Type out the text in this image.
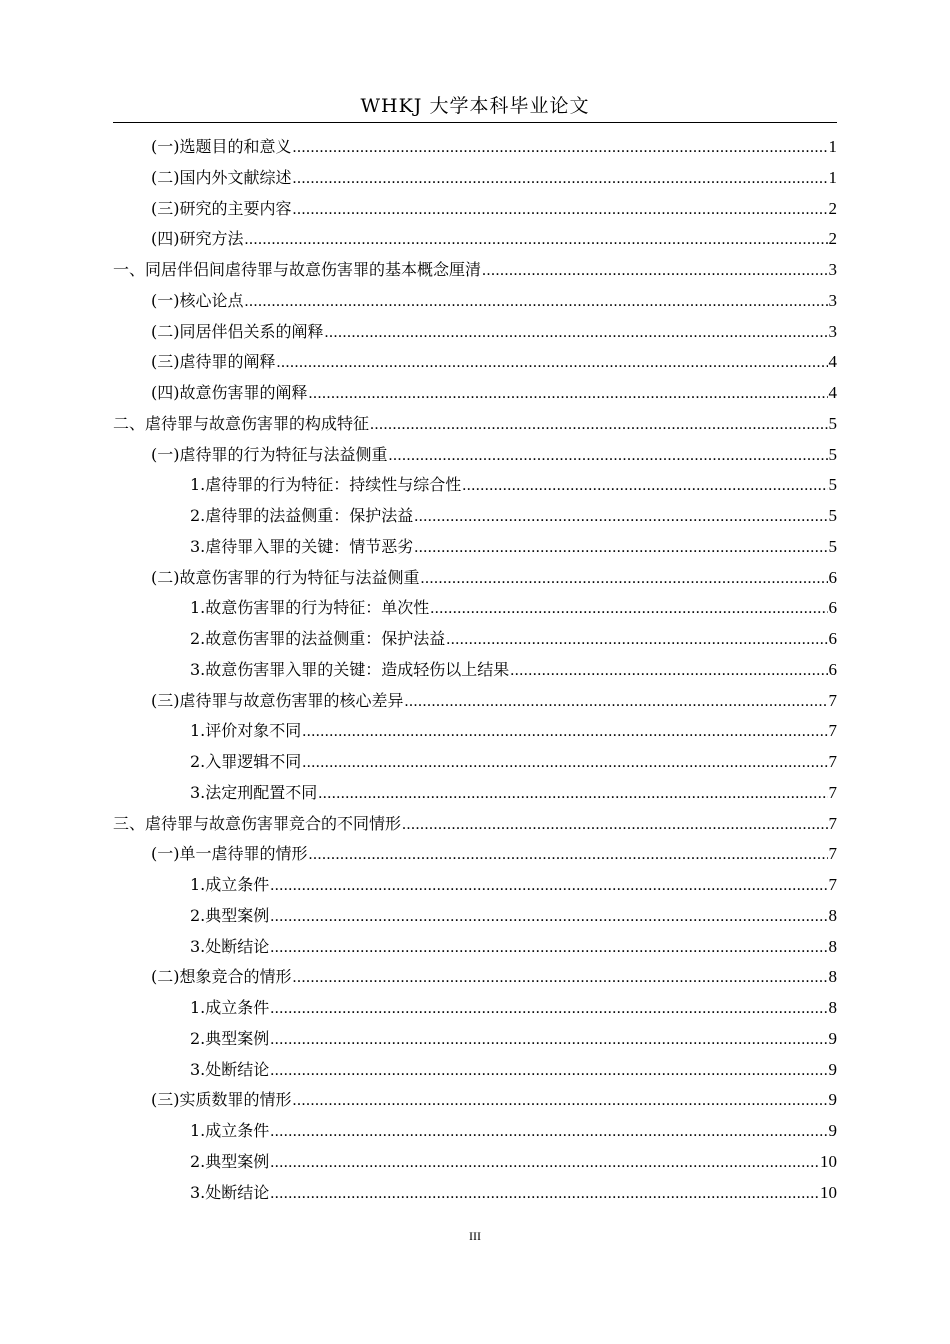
WHKJ 大学本科毕业论文
(一)选题目的和意义 .....	1
(二)国内外文献综述 .....	1
(三)研究的主要内容 .....	2
(四)研究方法 .....	2
一、同居伴侣间虐待罪与故意伤害罪的基本概念厘清 .....	3
(一)核心论点 .....	3
(二)同居伴侣关系的阐释 .....	3
(三)虐待罪的阐释 .....	4
(四)故意伤害罪的阐释 .....	4
二、虐待罪与故意伤害罪的构成特征 .....	5
(一)虐待罪的行为特征与法益侧重 .....	5
1.虐待罪的行为特征：持续性与综合性 .....	5
2.虐待罪的法益侧重：保护法益 .....	5
3.虐待罪入罪的关键：情节恶劣 .....	5
(二)故意伤害罪的行为特征与法益侧重 .....	6
1.故意伤害罪的行为特征：单次性 .....	6
2.故意伤害罪的法益侧重：保护法益 .....	6
3.故意伤害罪入罪的关键：造成轻伤以上结果 .....	6
(三)虐待罪与故意伤害罪的核心差异 .....	7
1.评价对象不同 .....	7
2.入罪逻辑不同 .....	7
3.法定刑配置不同 .....	7
三、虐待罪与故意伤害罪竞合的不同情形 .....	7
(一)单一虐待罪的情形 .....	7
1.成立条件 .....	7
2.典型案例 .....	8
3.处断结论 .....	8
(二)想象竞合的情形 .....	8
1.成立条件 .....	8
2.典型案例 .....	9
3.处断结论 .....	9
(三)实质数罪的情形 .....	9
1.成立条件 .....	9
2.典型案例 .....	10
3.处断结论 .....	10
III
